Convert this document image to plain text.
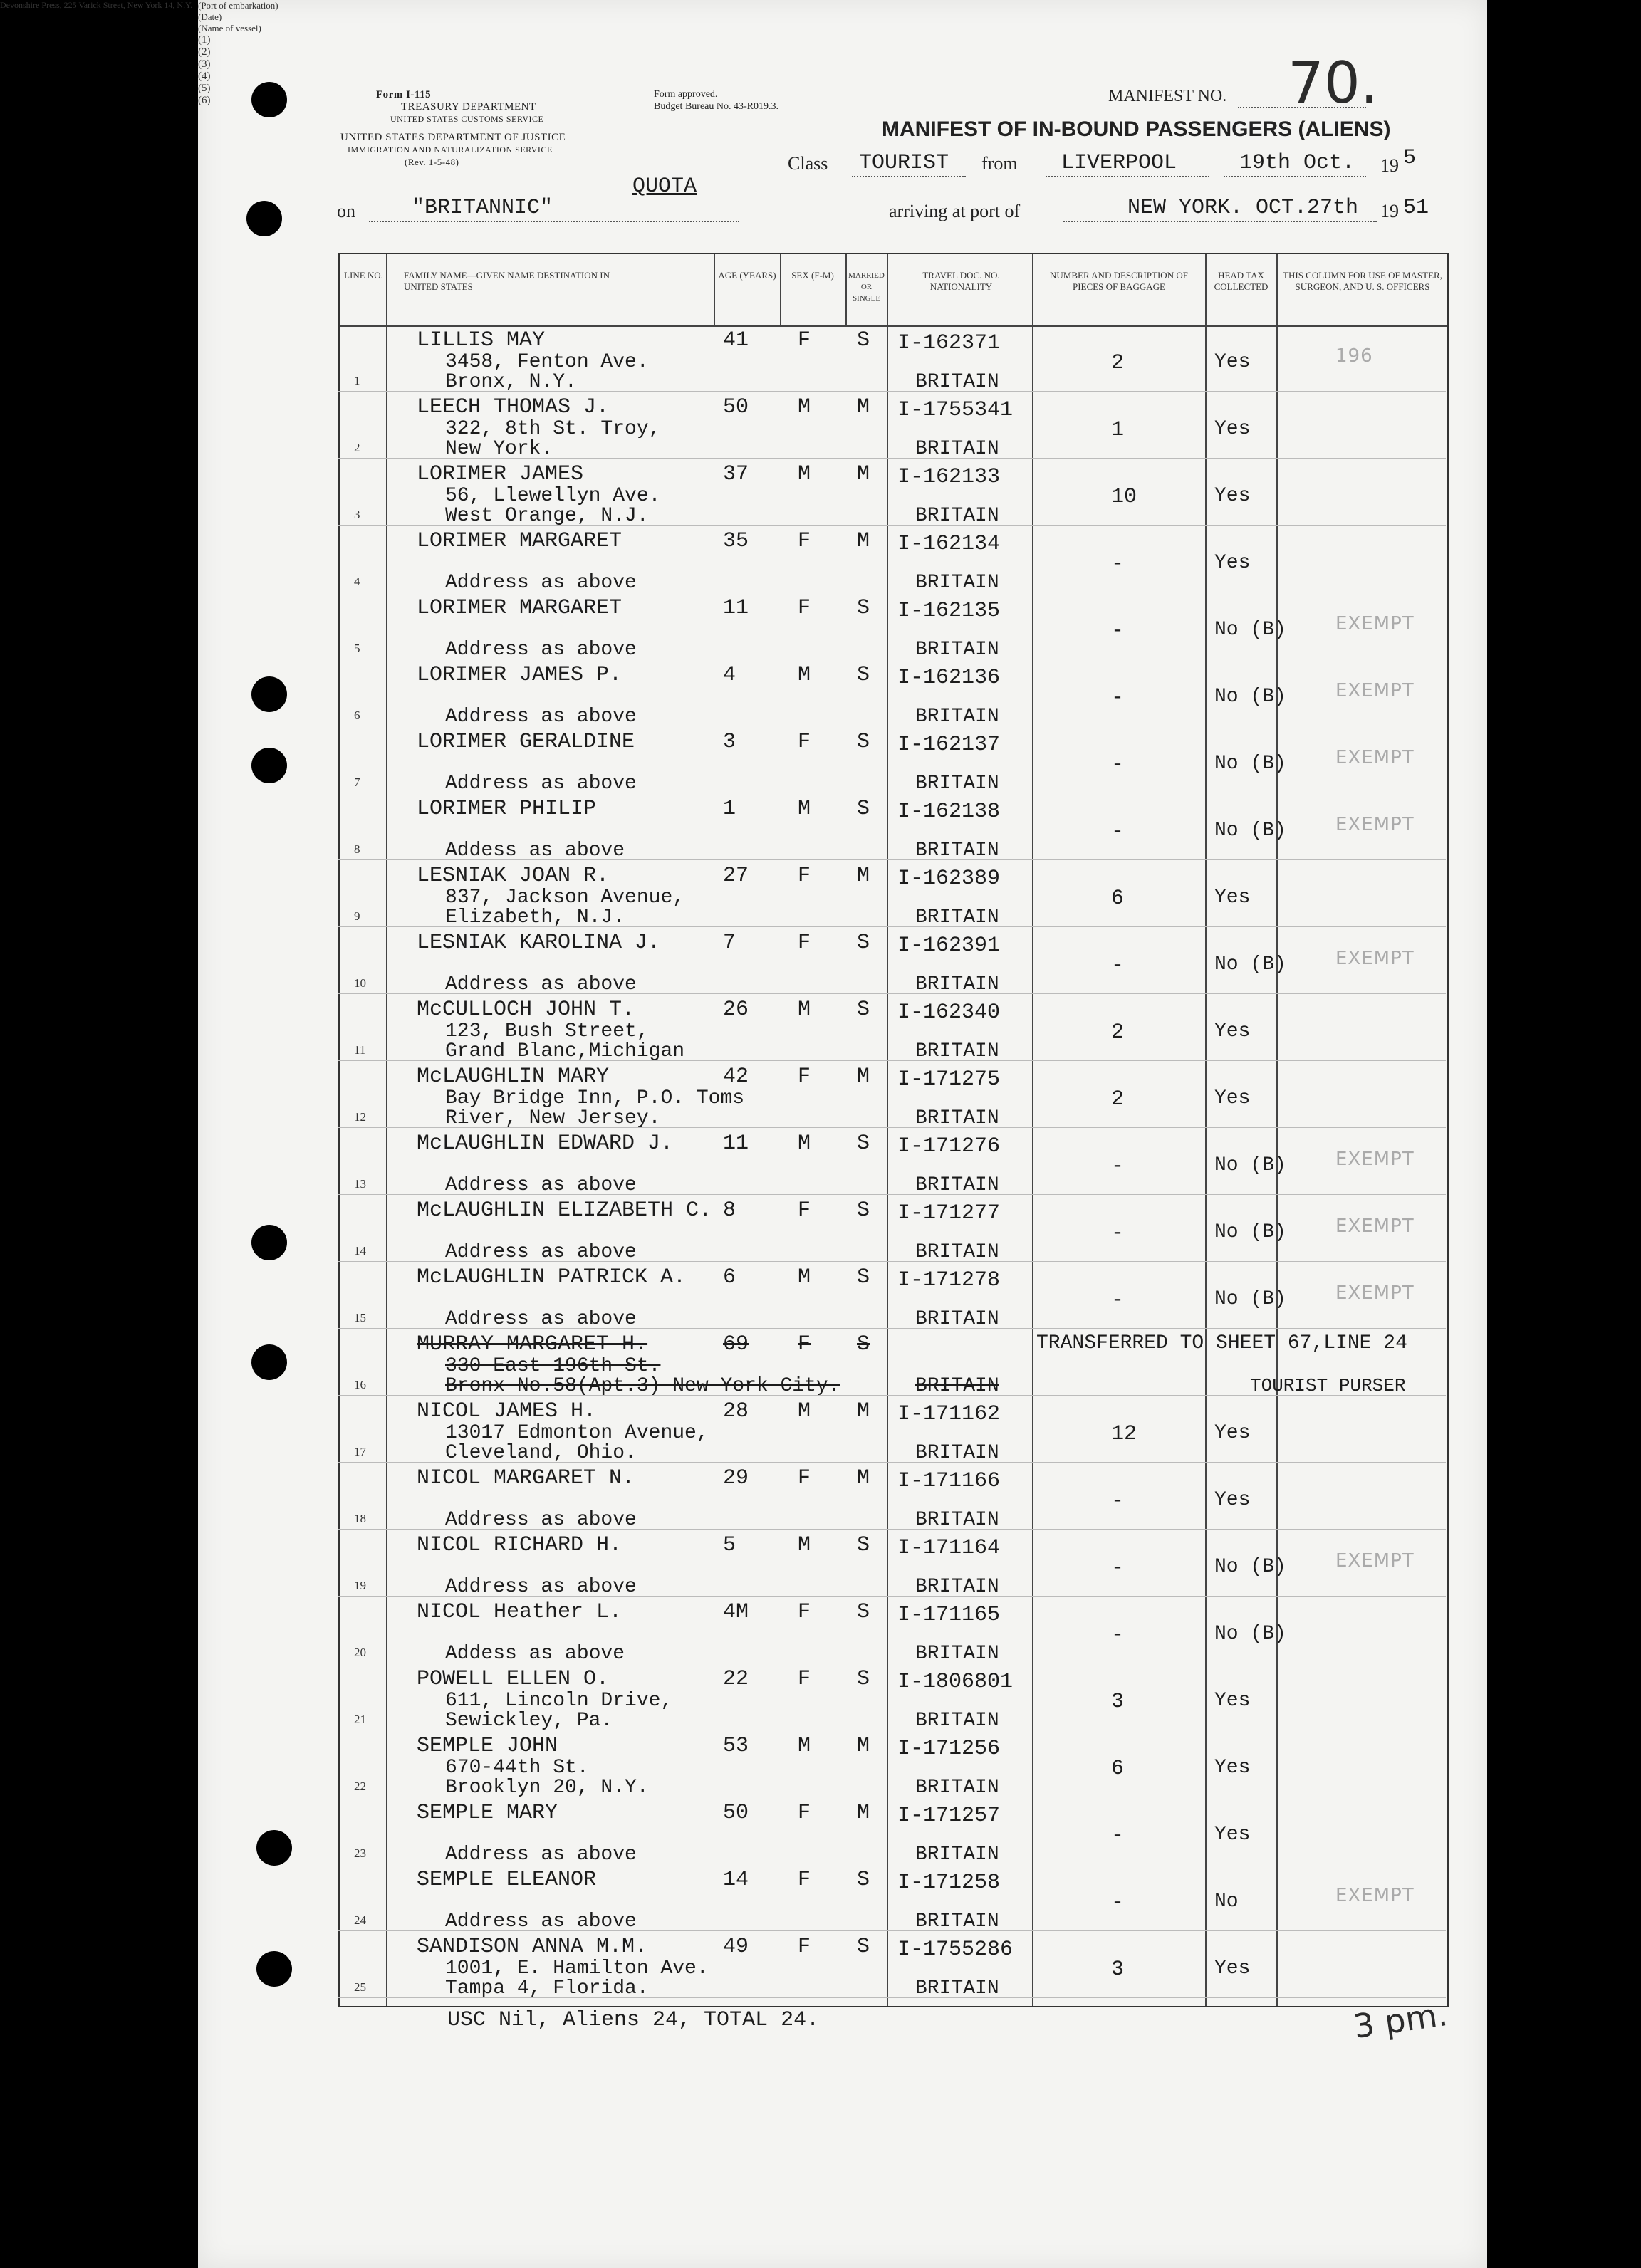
Form I-115
TREASURY DEPARTMENT
UNITED STATES CUSTOMS SERVICE
UNITED STATES DEPARTMENT OF JUSTICE
IMMIGRATION AND NATURALIZATION SERVICE
(Rev. 1-5-48)
Form approved.
Budget Bureau No. 43-R019.3.
MANIFEST NO. 70.
MANIFEST OF IN-BOUND PASSENGERS (ALIENS)
Class TOURIST from LIVERPOOL	19th Oct. 19 5
(Port of embarkation)
(Date)
QUOTA
on	"BRITANNIC"
(Name of vessel)
arriving at port of	NEW YORK. OCT.27th 19 51
(1)
(2)
(3)
(4)
(5)
(6)
LINE NO. FAMILY NAME—GIVEN NAME DESTINATION IN UNITED STATES
AGE (YEARS)	SEX (F-M)	MARRIED OR SINGLE
TRAVEL DOC. NO. NATIONALITY
NUMBER AND DESCRIPTION OF PIECES OF BAGGAGE
HEAD TAX COLLECTED
THIS COLUMN FOR USE OF MASTER, SURGEON, AND U. S. OFFICERS
1
LILLIS MAY
3458, Fenton Ave.
Bronx, N.Y.
41 F S I-162371
BRITAIN
2	Yes	196
2
LEECH THOMAS J.
322, 8th St. Troy,
New York.
50 M M I-1755341
BRITAIN
1	Yes
3
LORIMER JAMES
56, Llewellyn Ave.
West Orange, N.J.
37 M M I-162133
BRITAIN
10	Yes
4
LORIMER MARGARET
Address as above
35 F M I-162134
BRITAIN
-	Yes
5
LORIMER MARGARET
Address as above
11 F S I-162135
BRITAIN
-	No (B)	EXEMPT
6
LORIMER JAMES P.
Address as above
4	M S I-162136
BRITAIN
-	No (B)	EXEMPT
7
LORIMER GERALDINE
Address as above
3	F S I-162137
BRITAIN
-	No (B)	EXEMPT
8
LORIMER PHILIP
Addess as above
1	M S I-162138
BRITAIN
-	No (B)	EXEMPT
9
LESNIAK JOAN R.
837, Jackson Avenue,
Elizabeth, N.J.
27 F M I-162389
BRITAIN
6	Yes
10
LESNIAK KAROLINA J.
Address as above
7	F S I-162391
BRITAIN
-	No (B)	EXEMPT
11
McCULLOCH JOHN T.
123, Bush Street,
Grand Blanc,Michigan
26 M S I-162340
BRITAIN
2	Yes
12
McLAUGHLIN MARY
Bay Bridge Inn, P.O. Toms
River, New Jersey.
42 F M I-171275
BRITAIN
2	Yes
13
McLAUGHLIN EDWARD J.
Address as above
11 M S I-171276
BRITAIN
-	No (B)	EXEMPT
14
McLAUGHLIN ELIZABETH C.
Address as above
8	F S I-171277
BRITAIN
-	No (B)	EXEMPT
15
McLAUGHLIN PATRICK A.
Address as above
6	M S I-171278
BRITAIN
-	No (B)	EXEMPT
16
MURRAY MARGARET H.
330 East 196th St.
Bronx No.58(Apt.3) New York City.
69 F S
BRITAIN
TRANSFERRED TO SHEET 67,LINE 24
TOURIST PURSER
17
NICOL JAMES H.
13017 Edmonton Avenue,
Cleveland, Ohio.
28 M M I-171162
BRITAIN
12	Yes
18
NICOL MARGARET N.
Address as above
29 F M I-171166
BRITAIN
-	Yes
19
NICOL RICHARD H.
Address as above
5	M S I-171164
BRITAIN
-	No (B)	EXEMPT
20
NICOL Heather L.
Addess as above
4M F S I-171165
BRITAIN
-	No (B)
21
POWELL ELLEN O.
611, Lincoln Drive,
Sewickley, Pa.
22 F S I-1806801
BRITAIN
3	Yes
22
SEMPLE JOHN
670-44th St.
Brooklyn 20, N.Y.
53 M M I-171256
BRITAIN
6	Yes
23
SEMPLE MARY
Address as above
50 F M I-171257
BRITAIN
-	Yes
24
SEMPLE ELEANOR
Address as above
14 F S I-171258
BRITAIN
-	No	EXEMPT
25
SANDISON ANNA M.M.
1001, E. Hamilton Ave.
Tampa 4, Florida.
49 F S I-1755286
BRITAIN
3	Yes
USC Nil, Aliens 24, TOTAL 24.
Devonshire Press, 225 Varick Street, New York 14, N.Y.
3 pm.
